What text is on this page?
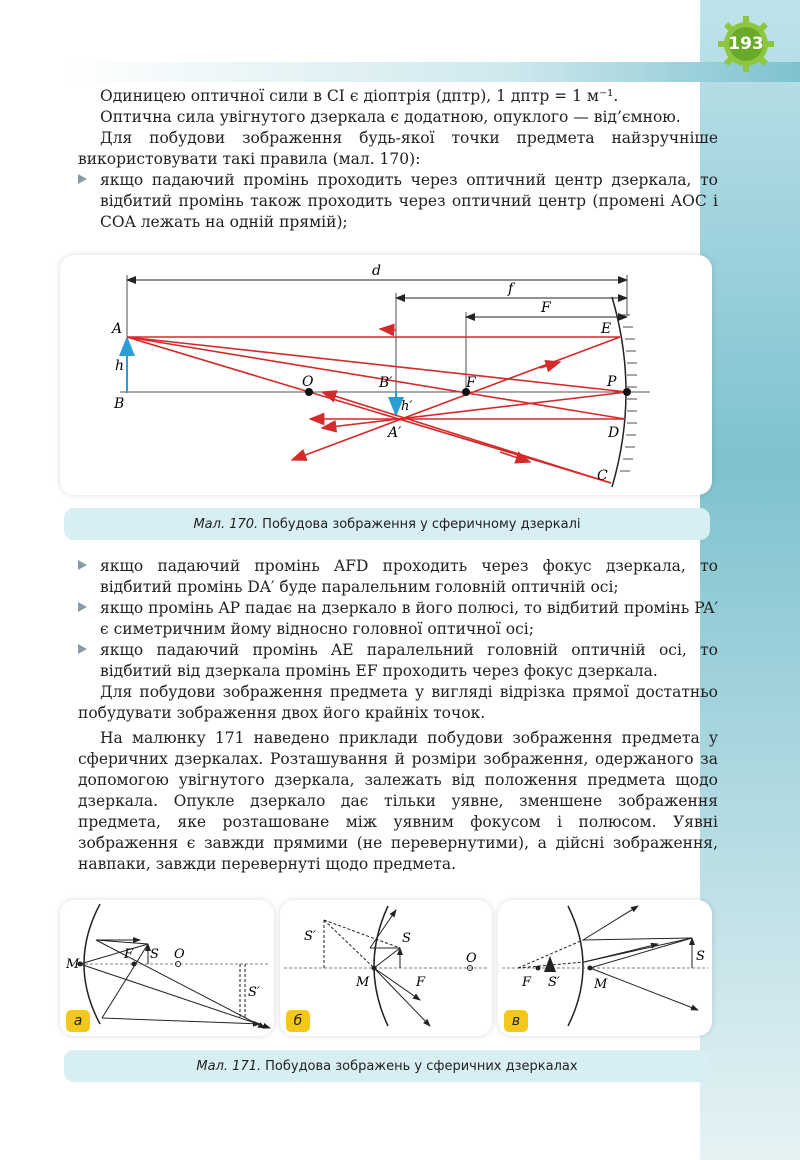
193

Одиницею оптичної сили в СІ є діоптрія (дптр), 1 дптр = 1 м⁻¹.

Оптична сила увігнутого дзеркала є додатною, опуклого — від’ємною.

Для побудови зображення будь-якої точки предмета найзручніше використовувати такі правила (мал. 170):

якщо падаючий промінь проходить через оптичний центр дзеркала, то відбитий промінь також проходить через оптичний центр (промені AOC і COA лежать на одній прямій);
d
f
F
A
h
B
O	B′	F	P
E
D
C
A′
h′
Мал. 170. Побудова зображення у сферичному дзеркалі
якщо падаючий промінь AFD проходить через фокус дзеркала, то відбитий промінь DA′ буде паралельним головній оптичній осі;
якщо промінь AP падає на дзеркало в його полюсі, то відбитий промінь PA′ є симетричним йому відносно головної оптичної осі;
якщо падаючий промінь AE паралельний головній оптичній осі, то відбитий від дзеркала промінь EF проходить через фокус дзеркала.

Для побудови зображення предмета у вигляді відрізка прямої достатньо побудувати зображення двох його крайніх точок.

На малюнку 171 наведено приклади побудови зображення предмета у сферичних дзеркалах. Розташування й розміри зображення, одержаного за допомогою увігнутого дзеркала, залежать від положення предмета щодо дзеркала. Опукле дзеркало дає тільки уявне, зменшене зображення предмета, яке розташоване між уявним фокусом і полюсом. Уявні зображення є завжди прямими (не перевернутими), а дійсні зображення, навпаки, завжди перевернуті щодо предмета.

M
F S O
S′
а
S′	S
M	F
O
б
F S′	M
S
в
Мал. 171. Побудова зображень у сферичних дзеркалах
